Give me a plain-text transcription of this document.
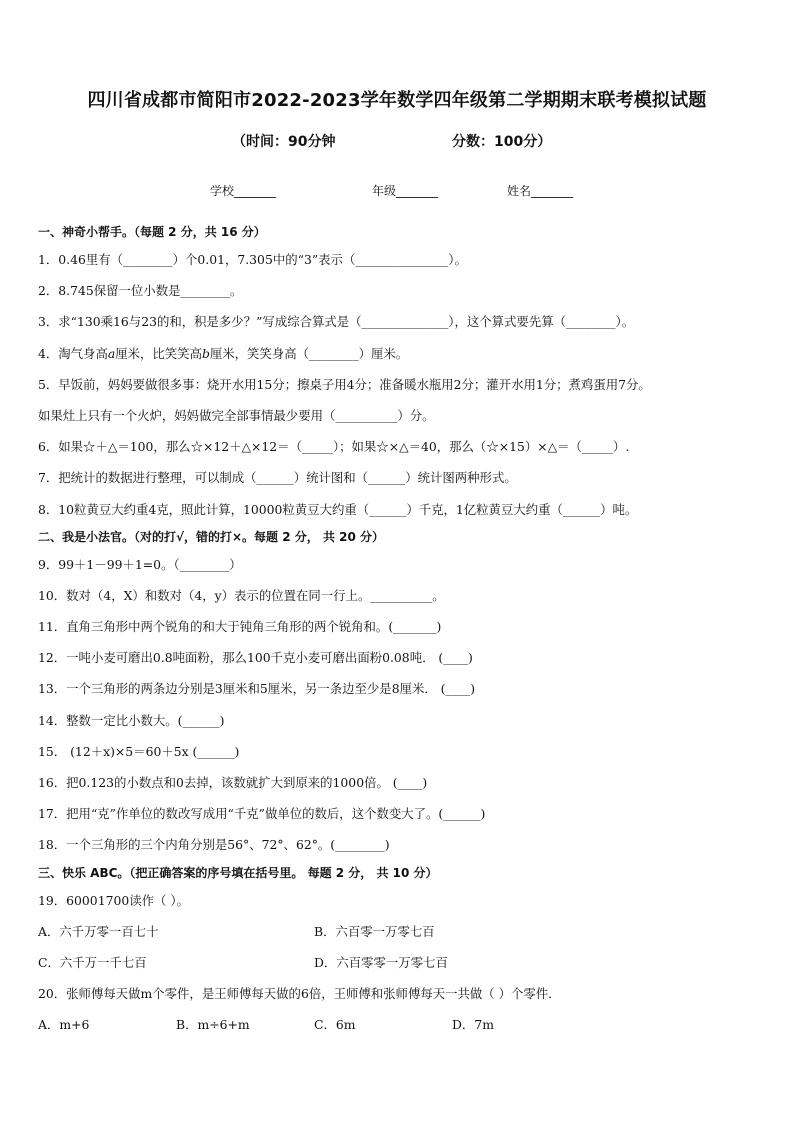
四川省成都市简阳市2022-2023学年数学四年级第二学期期末联考模拟试题
（时间：90分钟	分数：100分）
学校_______	年级_______	姓名_______
一、神奇小帮手。（每题 2 分，共 16 分）
1．0.46里有（________）个0.01，7.305中的“3”表示（_______________）。
2．8.745保留一位小数是________。
3．求“130乘16与23的和，积是多少？”写成综合算式是（______________），这个算式要先算（________）。
4．淘气身高𝑎厘米，比笑笑高𝑏厘米，笑笑身高（________）厘米。
5．早饭前，妈妈要做很多事：烧开水用15分；擦桌子用4分；准备暖水瓶用2分；灌开水用1分；煮鸡蛋用7分。
如果灶上只有一个火炉，妈妈做完全部事情最少要用（__________）分。
6．如果☆＋△＝100，那么☆×12＋△×12＝（_____）；如果☆×△＝40，那么（☆×15）×△＝（_____）.
7．把统计的数据进行整理，可以制成（______）统计图和（______）统计图两种形式。
8．10粒黄豆大约重4克，照此计算，10000粒黄豆大约重（______）千克，1亿粒黄豆大约重（______）吨。
二、我是小法官。（对的打√，错的打×。每题 2 分， 共 20 分）
9．99＋1－99＋1=0。（________）
10．数对（4，X）和数对（4，y）表示的位置在同一行上。__________。
11．直角三角形中两个锐角的和大于钝角三角形的两个锐角和。(_______)
12．一吨小麦可磨出0.8吨面粉，那么100千克小麦可磨出面粉0.08吨． (____)
13．一个三角形的两条边分别是3厘米和5厘米，另一条边至少是8厘米． (____)
14．整数一定比小数大。(______)
15． (12＋x)×5＝60＋5x (______)
16．把0.123的小数点和0去掉，该数就扩大到原来的1000倍。 (____)
17．把用“克”作单位的数改写成用“千克”做单位的数后，这个数变大了。(______)
18．一个三角形的三个内角分别是56°、72°、62°。(________)
三、快乐 ABC。（把正确答案的序号填在括号里。 每题 2 分， 共 10 分）
19．60001700读作（ ）。
A．六千万零一百七十	B．六百零一万零七百
C．六千万一千七百	D．六百零零一万零七百
20．张师傅每天做m个零件，是王师傅每天做的6倍，王师傅和张师傅每天一共做（ ）个零件．
A．m+6	B．m÷6+m	C．6m	D．7m
